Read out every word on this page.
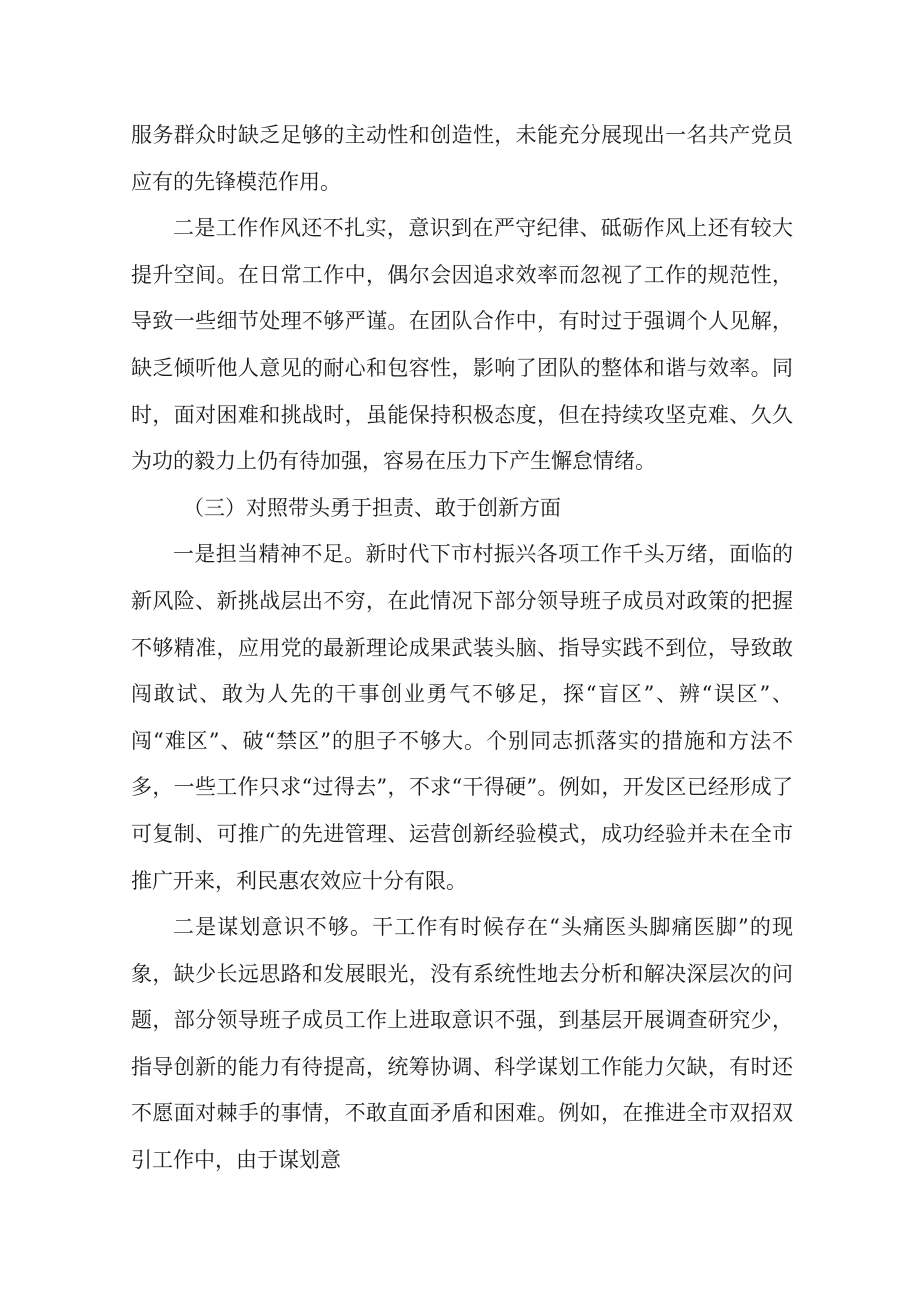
服务群众时缺乏足够的主动性和创造性，未能充分展现出一名共产党员应有的先锋模范作用。

二是工作作风还不扎实，意识到在严守纪律、砥砺作风上还有较大提升空间。在日常工作中，偶尔会因追求效率而忽视了工作的规范性，导致一些细节处理不够严谨。在团队合作中，有时过于强调个人见解，缺乏倾听他人意见的耐心和包容性，影响了团队的整体和谐与效率。同时，面对困难和挑战时，虽能保持积极态度，但在持续攻坚克难、久久为功的毅力上仍有待加强，容易在压力下产生懈怠情绪。

（三）对照带头勇于担责、敢于创新方面

一是担当精神不足。新时代下市村振兴各项工作千头万绪，面临的新风险、新挑战层出不穷，在此情况下部分领导班子成员对政策的把握不够精准，应用党的最新理论成果武装头脑、指导实践不到位，导致敢闯敢试、敢为人先的干事创业勇气不够足，探“盲区”、辨“误区”、闯“难区”、破“禁区”的胆子不够大。个别同志抓落实的措施和方法不多，一些工作只求“过得去”，不求“干得硬”。例如，开发区已经形成了可复制、可推广的先进管理、运营创新经验模式，成功经验并未在全市推广开来，利民惠农效应十分有限。

二是谋划意识不够。干工作有时候存在“头痛医头脚痛医脚”的现象，缺少长远思路和发展眼光，没有系统性地去分析和解决深层次的问题，部分领导班子成员工作上进取意识不强，到基层开展调查研究少，指导创新的能力有待提高，统筹协调、科学谋划工作能力欠缺，有时还不愿面对棘手的事情，不敢直面矛盾和困难。例如，在推进全市双招双引工作中，由于谋划意
